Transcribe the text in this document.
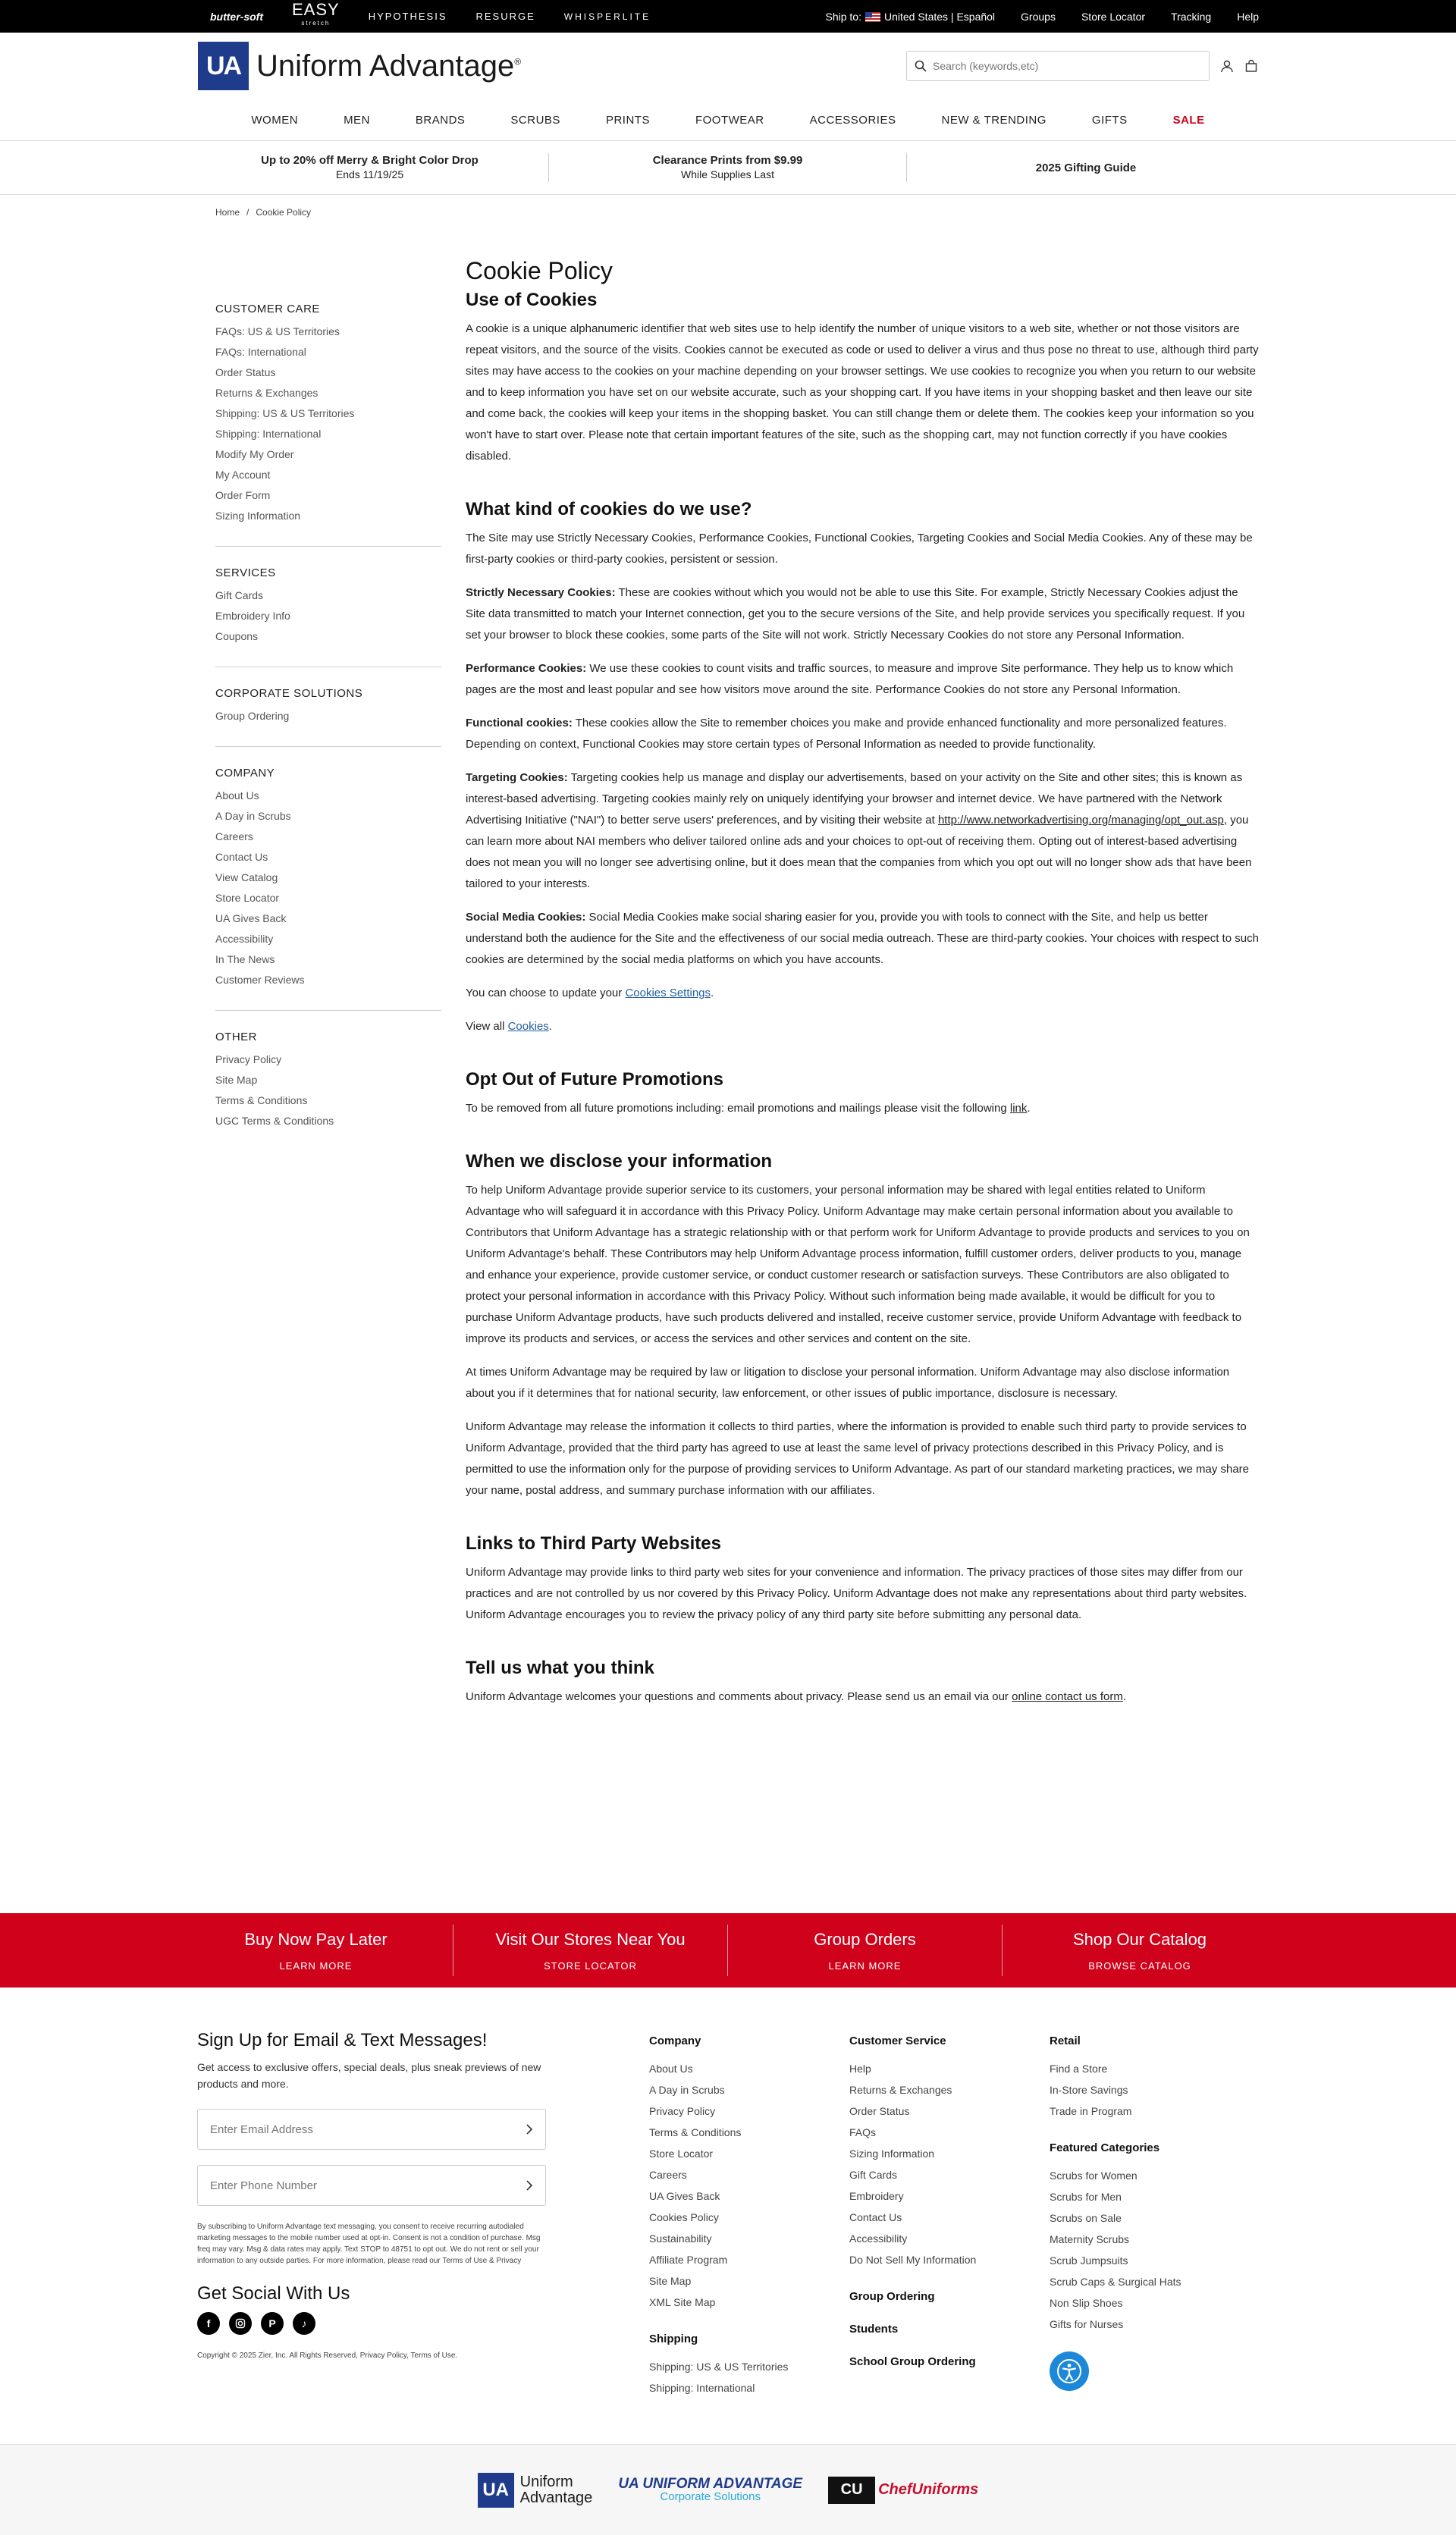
butter-soft EASY
stretch
HYPOTHESIS	RESURGE	WHISPERLITE	Ship to: United States | Español Groups Store Locator Tracking Help
UA Uniform Advantage®
Search (keywords,etc)
WOMEN	MEN	BRANDS	SCRUBS	PRINTS	FOOTWEAR	ACCESSORIES	NEW & TRENDING	GIFTS	SALE
Up to 20% off Merry & Bright Color Drop
Ends 11/19/25
Clearance Prints from $9.99
While Supplies Last
2025 Gifting Guide
Home / Cookie Policy
CUSTOMER CARE
FAQs: US & US Territories
FAQs: International
Order Status
Returns & Exchanges
Shipping: US & US Territories
Shipping: International
Modify My Order
My Account
Order Form
Sizing Information
SERVICES
Gift Cards
Embroidery Info
Coupons
CORPORATE SOLUTIONS
Group Ordering
COMPANY
About Us
A Day in Scrubs
Careers
Contact Us
View Catalog
Store Locator
UA Gives Back
Accessibility
In The News
Customer Reviews
OTHER
Privacy Policy
Site Map
Terms & Conditions
UGC Terms & Conditions
Cookie Policy
Use of Cookies

A cookie is a unique alphanumeric identifier that web sites use to help identify the number of unique visitors to a web site, whether or not those visitors are repeat visitors, and the source of the visits. Cookies cannot be executed as code or used to deliver a virus and thus pose no threat to use, although third party sites may have access to the cookies on your machine depending on your browser settings. We use cookies to recognize you when you return to our website and to keep information you have set on our website accurate, such as your shopping cart. If you have items in your shopping basket and then leave our site and come back, the cookies will keep your items in the shopping basket. You can still change them or delete them. The cookies keep your information so you won't have to start over. Please note that certain important features of the site, such as the shopping cart, may not function correctly if you have cookies disabled.

What kind of cookies do we use?

The Site may use Strictly Necessary Cookies, Performance Cookies, Functional Cookies, Targeting Cookies and Social Media Cookies. Any of these may be first-party cookies or third-party cookies, persistent or session.

Strictly Necessary Cookies: These are cookies without which you would not be able to use this Site. For example, Strictly Necessary Cookies adjust the Site data transmitted to match your Internet connection, get you to the secure versions of the Site, and help provide services you specifically request. If you set your browser to block these cookies, some parts of the Site will not work. Strictly Necessary Cookies do not store any Personal Information.

Performance Cookies: We use these cookies to count visits and traffic sources, to measure and improve Site performance. They help us to know which pages are the most and least popular and see how visitors move around the site. Performance Cookies do not store any Personal Information.

Functional cookies: These cookies allow the Site to remember choices you make and provide enhanced functionality and more personalized features. Depending on context, Functional Cookies may store certain types of Personal Information as needed to provide functionality.

Targeting Cookies: Targeting cookies help us manage and display our advertisements, based on your activity on the Site and other sites; this is known as interest-based advertising. Targeting cookies mainly rely on uniquely identifying your browser and internet device. We have partnered with the Network Advertising Initiative ("NAI") to better serve users' preferences, and by visiting their website at http://www.networkadvertising.org/managing/opt_out.asp, you can learn more about NAI members who deliver tailored online ads and your choices to opt-out of receiving them. Opting out of interest-based advertising does not mean you will no longer see advertising online, but it does mean that the companies from which you opt out will no longer show ads that have been tailored to your interests.

Social Media Cookies: Social Media Cookies make social sharing easier for you, provide you with tools to connect with the Site, and help us better understand both the audience for the Site and the effectiveness of our social media outreach. These are third-party cookies. Your choices with respect to such cookies are determined by the social media platforms on which you have accounts.

You can choose to update your Cookies Settings.

View all Cookies.

Opt Out of Future Promotions

To be removed from all future promotions including: email promotions and mailings please visit the following link.

When we disclose your information

To help Uniform Advantage provide superior service to its customers, your personal information may be shared with legal entities related to Uniform Advantage who will safeguard it in accordance with this Privacy Policy. Uniform Advantage may make certain personal information about you available to Contributors that Uniform Advantage has a strategic relationship with or that perform work for Uniform Advantage to provide products and services to you on Uniform Advantage's behalf. These Contributors may help Uniform Advantage process information, fulfill customer orders, deliver products to you, manage and enhance your experience, provide customer service, or conduct customer research or satisfaction surveys. These Contributors are also obligated to protect your personal information in accordance with this Privacy Policy. Without such information being made available, it would be difficult for you to purchase Uniform Advantage products, have such products delivered and installed, receive customer service, provide Uniform Advantage with feedback to improve its products and services, or access the services and other services and content on the site.

At times Uniform Advantage may be required by law or litigation to disclose your personal information. Uniform Advantage may also disclose information about you if it determines that for national security, law enforcement, or other issues of public importance, disclosure is necessary.

Uniform Advantage may release the information it collects to third parties, where the information is provided to enable such third party to provide services to Uniform Advantage, provided that the third party has agreed to use at least the same level of privacy protections described in this Privacy Policy, and is permitted to use the information only for the purpose of providing services to Uniform Advantage. As part of our standard marketing practices, we may share your name, postal address, and summary purchase information with our affiliates.

Links to Third Party Websites

Uniform Advantage may provide links to third party web sites for your convenience and information. The privacy practices of those sites may differ from our practices and are not controlled by us nor covered by this Privacy Policy. Uniform Advantage does not make any representations about third party websites. Uniform Advantage encourages you to review the privacy policy of any third party site before submitting any personal data.

Tell us what you think

Uniform Advantage welcomes your questions and comments about privacy. Please send us an email via our online contact us form.

Buy Now Pay Later
LEARN MORE
Visit Our Stores Near You
STORE LOCATOR
Group Orders
LEARN MORE
Shop Our Catalog
BROWSE CATALOG
Sign Up for Email & Text Messages!

Get access to exclusive offers, special deals, plus sneak previews of new products and more.

Enter Email Address
Enter Phone Number

By subscribing to Uniform Advantage text messaging, you consent to receive recurring autodialed marketing messages to the mobile number used at opt-in. Consent is not a condition of purchase. Msg freq may vary. Msg & data rates may apply. Text STOP to 48751 to opt out. We do not rent or sell your information to any outside parties. For more information, please read our Terms of Use & Privacy

Get Social With Us
f	P	♪

Copyright © 2025 Zier, Inc. All Rights Reserved, Privacy Policy, Terms of Use.

Company
About Us
A Day in Scrubs
Privacy Policy
Terms & Conditions
Store Locator
Careers
UA Gives Back
Cookies Policy
Sustainability
Affiliate Program
Site Map
XML Site Map
Shipping
Shipping: US & US Territories
Shipping: International
Customer Service
Help
Returns & Exchanges
Order Status
FAQs
Sizing Information
Gift Cards
Embroidery
Contact Us
Accessibility
Do Not Sell My Information
Group Ordering
Students
School Group Ordering
Retail
Find a Store
In-Store Savings
Trade in Program
Featured Categories
Scrubs for Women
Scrubs for Men
Scrubs on Sale
Maternity Scrubs
Scrub Jumpsuits
Scrub Caps & Surgical Hats
Non Slip Shoes
Gifts for Nurses
UA Uniform
Advantage
UA UNIFORM ADVANTAGE
Corporate Solutions	CU	ChefUniforms
